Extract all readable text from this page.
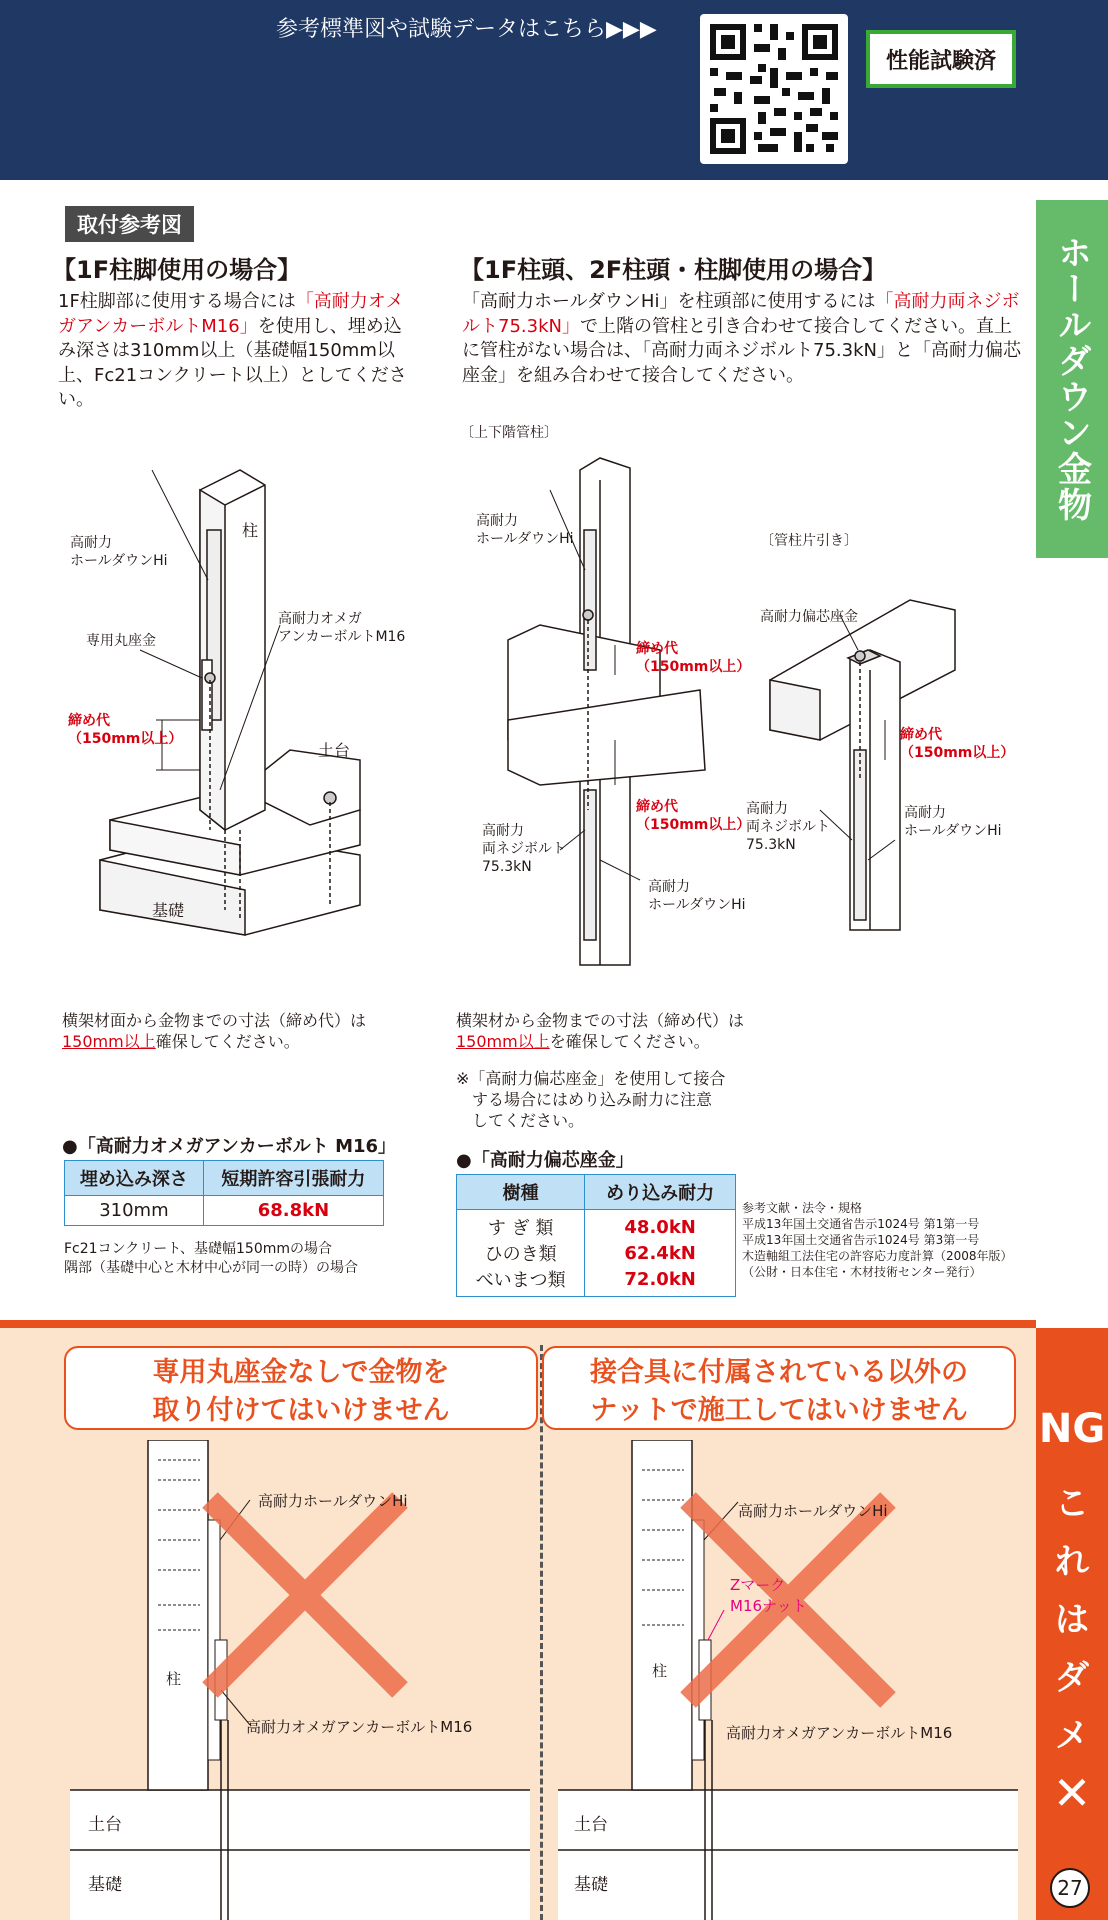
参考標準図や試験データはこちら▶▶▶
性能試験済
ホールダウン金物
NG
こ
れ
は
ダ
メ
✕
27
取付参考図
【1F柱脚使用の場合】
1F柱脚部に使用する場合には「高耐力オメガアンカーボルトM16」を使用し、埋め込み深さは310mm以上（基礎幅150mm以上、Fc21コンクリート以上）としてください。
【1F柱頭、2F柱頭・柱脚使用の場合】
「高耐力ホールダウンHi」を柱頭部に使用するには「高耐力両ネジボルト75.3kN」で上階の管柱と引き合わせて接合してください。直上に管柱がない場合は、「高耐力両ネジボルト75.3kN」と「高耐力偏芯座金」を組み合わせて接合してください。
柱
高耐力
ホールダウンHi
専用丸座金
高耐力オメガ
アンカーボルトM16
締め代
（150mm以上）
土台
基礎
〔上下階管柱〕
高耐力
ホールダウンHi
締め代
（150mm以上）
締め代
（150mm以上）
高耐力
両ネジボルト
75.3kN
高耐力
ホールダウンHi
〔管柱片引き〕
高耐力偏芯座金
締め代
（150mm以上）
高耐力
両ネジボルト
75.3kN
高耐力
ホールダウンHi
横架材面から金物までの寸法（締め代）は150mm以上確保してください。
●「高耐力オメガアンカーボルト M16」
埋め込み深さ	短期許容引張耐力
310mm	68.8kN
Fc21コンクリート、基礎幅150mmの場合
隅部（基礎中心と木材中心が同一の時）の場合
横架材から金物までの寸法（締め代）は150mm以上を確保してください。
※「高耐力偏芯座金」を使用して接合
　する場合にはめり込み耐力に注意
　してください。
●「高耐力偏芯座金」
樹種	めり込み耐力
す ぎ 類	48.0kN
ひのき類	62.4kN
べいまつ類	72.0kN
参考文献・法令・規格
平成13年国土交通省告示1024号 第1第一号
平成13年国土交通省告示1024号 第3第一号
木造軸組工法住宅の許容応力度計算（2008年版）
（公財・日本住宅・木材技術センター発行）
専用丸座金なしで金物を
取り付けてはいけません
接合具に付属されている以外の
ナットで施工してはいけません
高耐力ホールダウンHi
柱
高耐力オメガアンカーボルトM16
土台
基礎
高耐力ホールダウンHi
Zマーク
M16ナット
柱
高耐力オメガアンカーボルトM16
土台
基礎
